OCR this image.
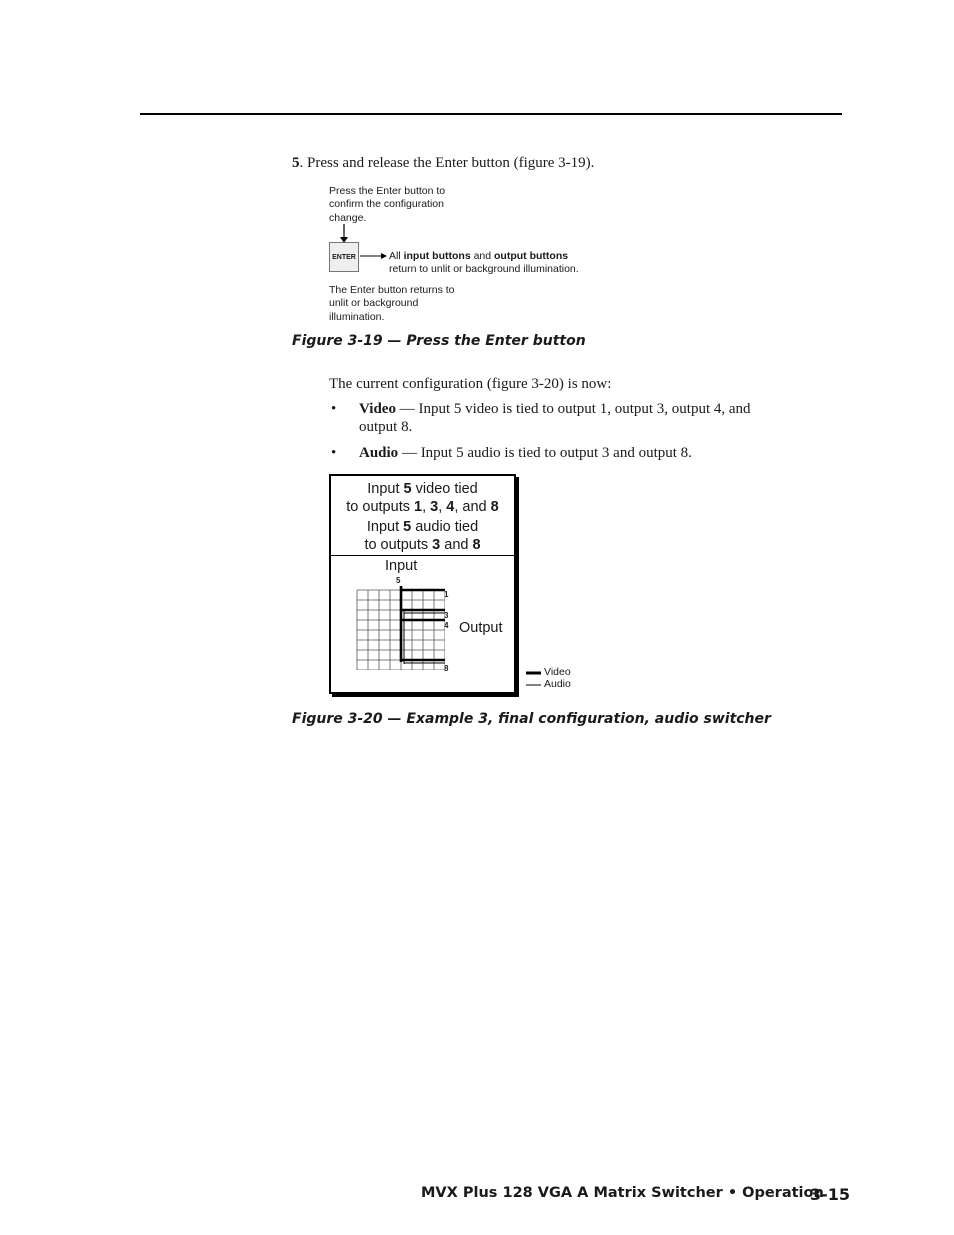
5. Press and release the Enter button (figure 3-19).
Press the Enter button to
confirm the configuration
change.
ENTER	All input buttons and output buttons
return to unlit or background illumination.
The Enter button returns to
unlit or background
illumination.
Figure 3-19 — Press the Enter button
The current configuration (figure 3-20) is now:
• Video — Input 5 video is tied to output 1, output 3, output 4, and
output 8.
• Audio — Input 5 audio is tied to output 3 and output 8.
Input 5 video tied
to outputs 1, 3, 4, and 8
Input 5 audio tied
to outputs 3 and 8
Input
Output
5
1
3
4
8	Video
Audio
Figure 3-20 — Example 3, final configuration, audio switcher
MVX Plus 128 VGA A Matrix Switcher • Operation
3-15
